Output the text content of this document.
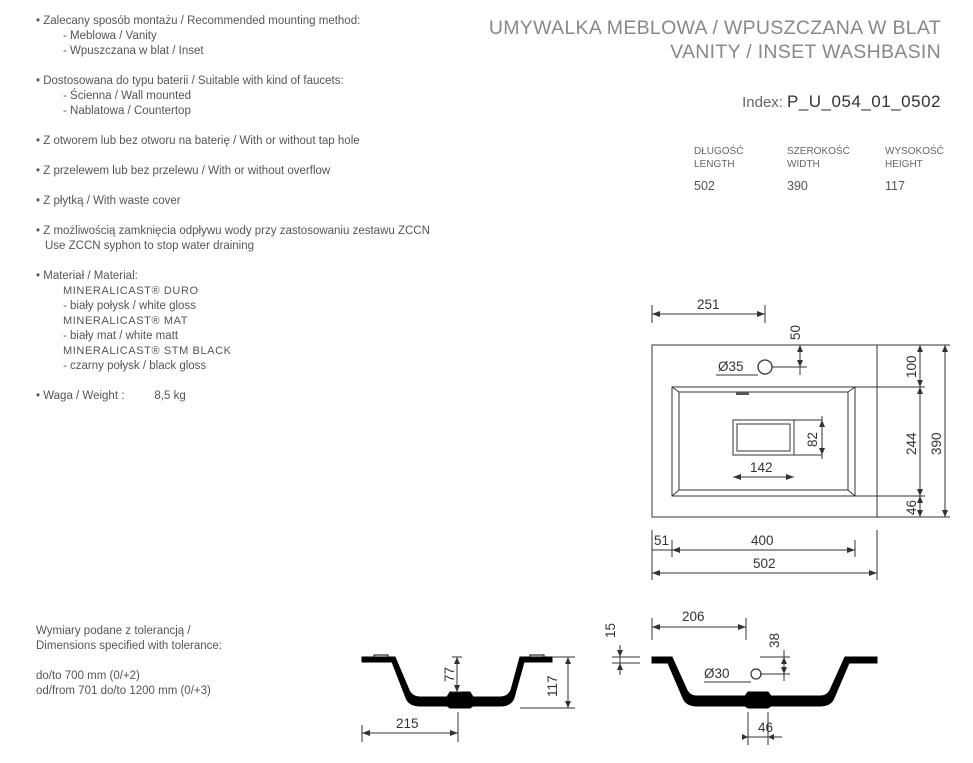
• Zalecany sposób montażu / Recommended mounting method:
- Meblowa / Vanity
- Wpuszczana w blat / Inset
• Dostosowana do typu baterii / Suitable with kind of faucets:
- Ścienna / Wall mounted
- Nablatowa / Countertop
• Z otworem lub bez otworu na baterię / With or without tap hole
• Z przelewem lub bez przelewu / With or without overflow
• Z płytką / With waste cover
• Z możliwością zamknięcia odpływu wody przy zastosowaniu zestawu ZCCN
Use ZCCN syphon to stop water draining
• Materiał / Material:
MINERALICAST® DURO
- biały połysk / white gloss
MINERALICAST® MAT
- biały mat / white matt
MINERALICAST® STM BLACK
- czarny połysk / black gloss
• Waga / Weight :	8,5 kg
UMYWALKA MEBLOWA / WPUSZCZANA W BLAT
VANITY / INSET WASHBASIN
Index: P_U_054_01_0502
DŁUGOŚĆ
LENGTH
502
SZEROKOŚĆ
WIDTH
390
WYSOKOŚĆ
HEIGHT
117
Wymiary podane z tolerancją /
Dimensions specified with tolerance:
do/to 700 mm (0/+2)
od/from 701 do/to 1200 mm (0/+3)
251
50
Ø35
82
142
100
244 390
46
51	400
502
77
117
215
15
206
38
Ø30
46
